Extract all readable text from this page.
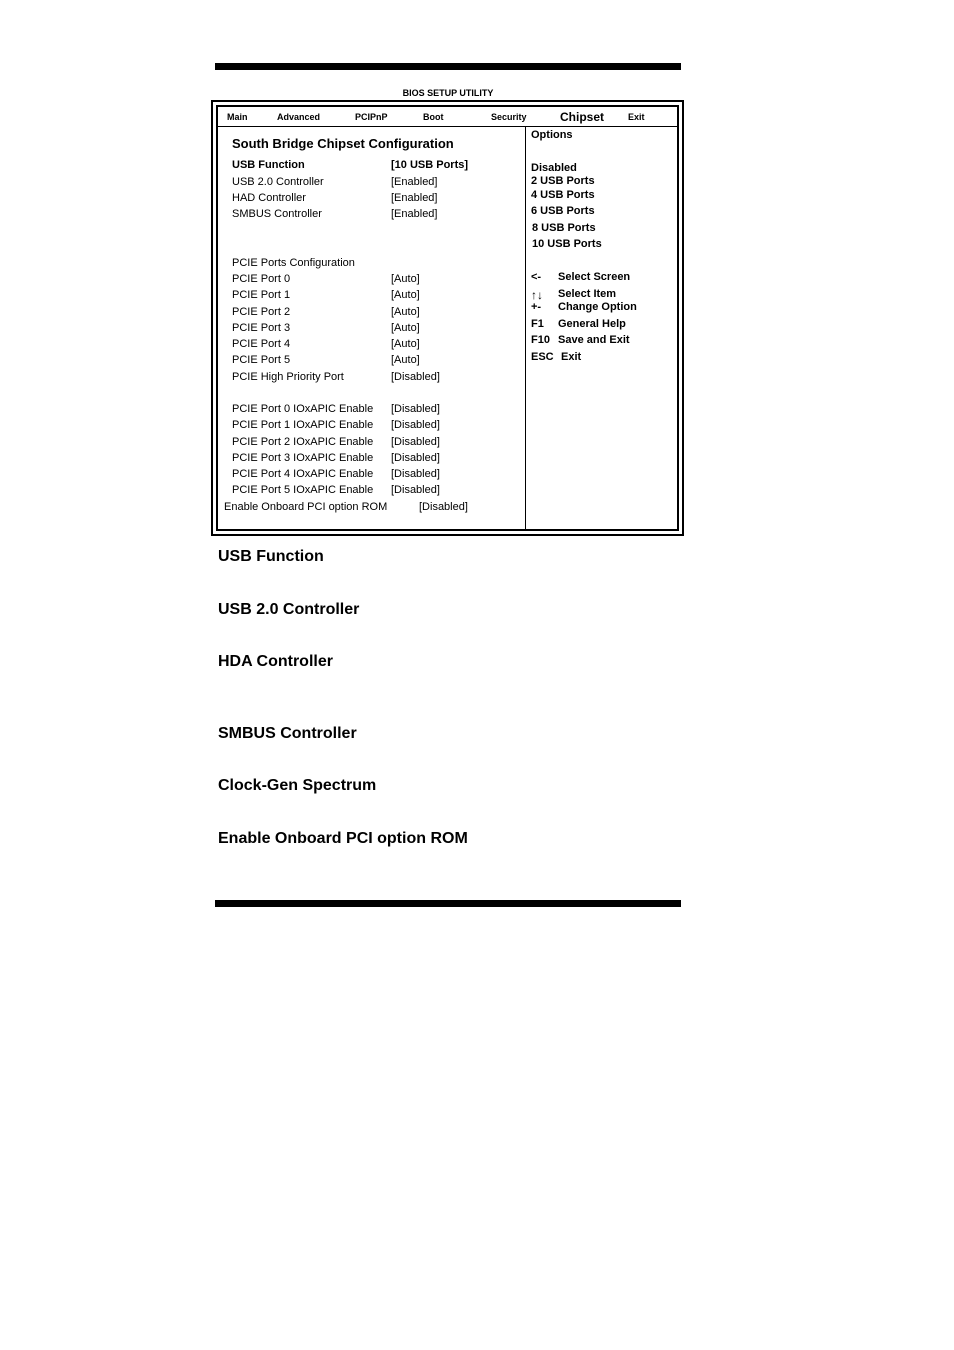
BIOS SETUP UTILITY
Main	Advanced	PCIPnP	Boot	Security	Chipset	Exit
South Bridge Chipset Configuration
USB Function	[10 USB Ports]
USB 2.0 Controller	[Enabled]
HAD Controller	[Enabled]
SMBUS Controller	[Enabled]
PCIE Ports Configuration
PCIE Port 0	[Auto]
PCIE Port 1	[Auto]
PCIE Port 2	[Auto]
PCIE Port 3	[Auto]
PCIE Port 4	[Auto]
PCIE Port 5	[Auto]
PCIE High Priority Port	[Disabled]
PCIE Port 0 IOxAPIC Enable [Disabled]
PCIE Port 1 IOxAPIC Enable [Disabled]
PCIE Port 2 IOxAPIC Enable [Disabled]
PCIE Port 3 IOxAPIC Enable [Disabled]
PCIE Port 4 IOxAPIC Enable [Disabled]
PCIE Port 5 IOxAPIC Enable [Disabled]
Enable Onboard PCI option ROM	[Disabled]
Options
Disabled
2 USB Ports
4 USB Ports
6 USB Ports
8 USB Ports
10 USB Ports
<- Select Screen
↑↓ Select Item
+- Change Option
F1 General Help
F10 Save and Exit
ESC Exit
USB Function
USB 2.0 Controller
HDA Controller
SMBUS Controller
Clock-Gen Spectrum
Enable Onboard PCI option ROM
